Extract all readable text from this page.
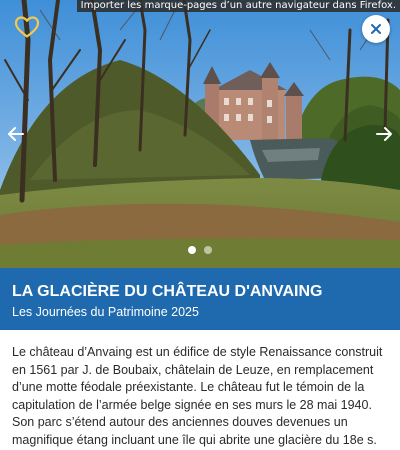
Importer les marque-pages d’un autre navigateur dans Firefox.
LA GLACIÈRE DU CHÂTEAU D'ANVAING

Les Journées du Patrimoine 2025

Le château d’Anvaing est un édifice de style Renaissance construit en 1561 par J. de Boubaix, châtelain de Leuze, en remplacement d’une motte féodale préexistante. Le château fut le témoin de la capitulation de l’armée belge signée en ses murs le 28 mai 1940. Son parc s’étend autour des anciennes douves devenues un magnifique étang incluant une île qui abrite une glacière du 18e s.
